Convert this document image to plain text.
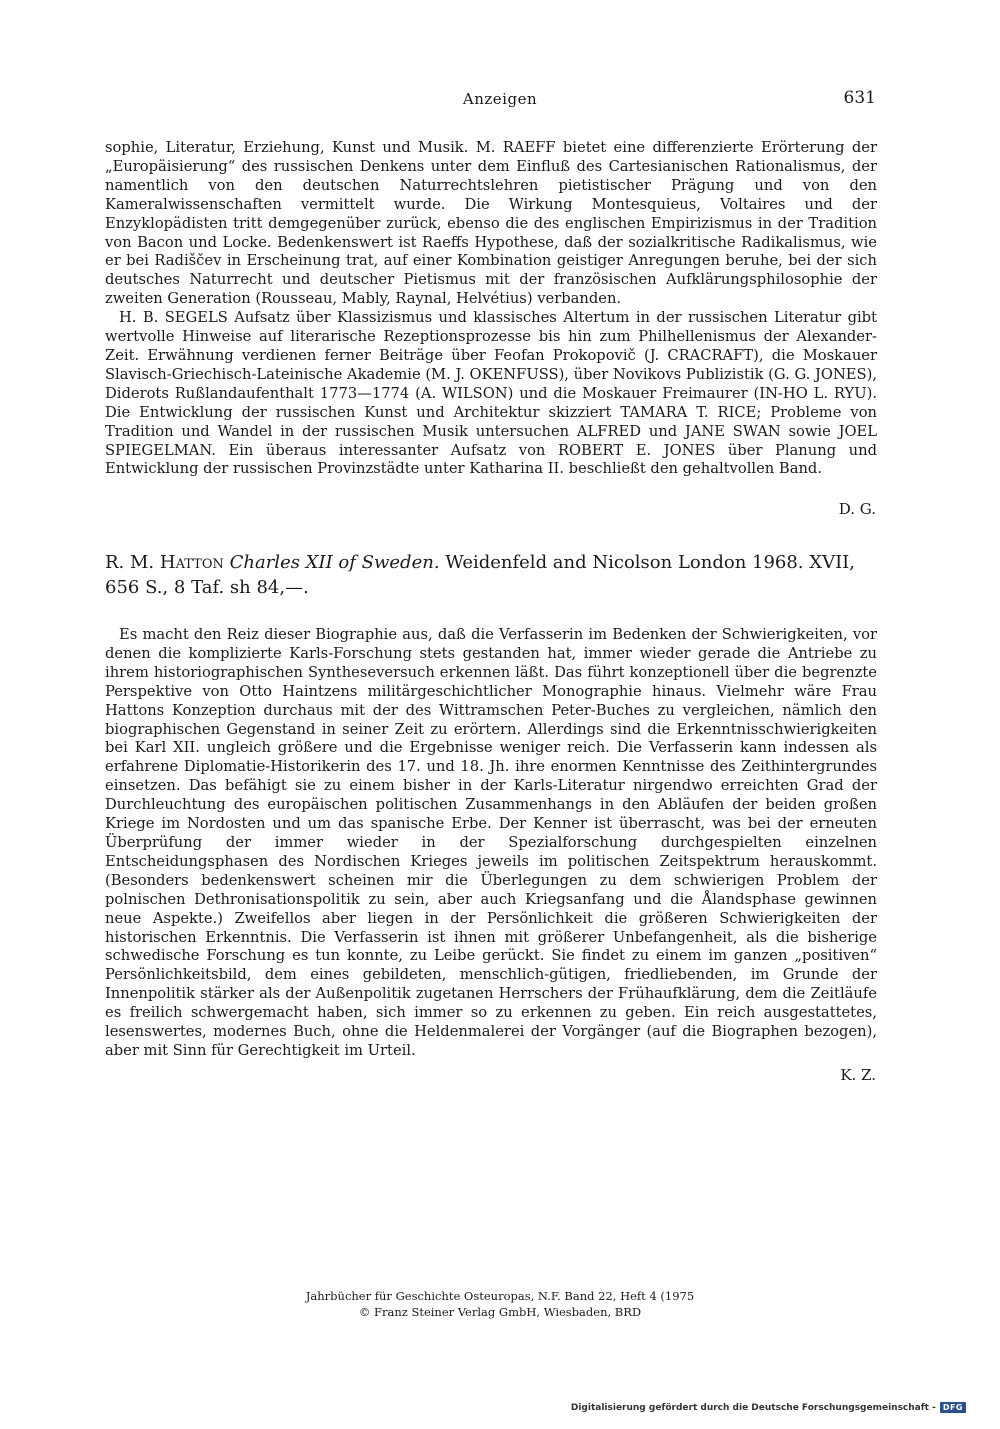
Anzeigen	631

sophie, Literatur, Erziehung, Kunst und Musik. M. RAEFF bietet eine differenzierte Erörterung der „Europäisierung“ des russischen Denkens unter dem Einfluß des Cartesianischen Rationalismus, der namentlich von den deutschen Naturrechtslehren pietistischer Prägung und von den Kameralwissenschaften vermittelt wurde. Die Wirkung Montesquieus, Voltaires und der Enzyklopädisten tritt demgegenüber zurück, ebenso die des englischen Empirizismus in der Tradition von Bacon und Locke. Bedenkenswert ist Raeffs Hypothese, daß der sozialkritische Radikalismus, wie er bei Radiščev in Erscheinung trat, auf einer Kombination geistiger Anregungen beruhe, bei der sich deutsches Naturrecht und deutscher Pietismus mit der französischen Aufklärungsphilosophie der zweiten Generation (Rousseau, Mably, Raynal, Helvétius) verbanden.

H. B. SEGELS Aufsatz über Klassizismus und klassisches Altertum in der russischen Literatur gibt wertvolle Hinweise auf literarische Rezeptionsprozesse bis hin zum Philhellenismus der Alexander-Zeit. Erwähnung verdienen ferner Beiträge über Feofan Prokopovič (J. CRACRAFT), die Moskauer Slavisch-Griechisch-Lateinische Akademie (M. J. OKENFUSS), über Novikovs Publizistik (G. G. JONES), Diderots Rußlandaufenthalt 1773—1774 (A. WILSON) und die Moskauer Freimaurer (IN-HO L. RYU). Die Entwicklung der russischen Kunst und Architektur skizziert TAMARA T. RICE; Probleme von Tradition und Wandel in der russischen Musik untersuchen ALFRED und JANE SWAN sowie JOEL SPIEGELMAN. Ein überaus interessanter Aufsatz von ROBERT E. JONES über Planung und Entwicklung der russischen Provinzstädte unter Katharina II. beschließt den gehaltvollen Band.

D. G.
R. M. Hatton Charles XII of Sweden. Weidenfeld and Nicolson London 1968. XVII, 656 S., 8 Taf. sh 84,—.

Es macht den Reiz dieser Biographie aus, daß die Verfasserin im Bedenken der Schwierigkeiten, vor denen die komplizierte Karls-Forschung stets gestanden hat, immer wieder gerade die Antriebe zu ihrem historiographischen Syntheseversuch erkennen läßt. Das führt konzeptionell über die begrenzte Perspektive von Otto Haintzens militärgeschichtlicher Monographie hinaus. Vielmehr wäre Frau Hattons Konzeption durchaus mit der des Wittramschen Peter-Buches zu vergleichen, nämlich den biographischen Gegenstand in seiner Zeit zu erörtern. Allerdings sind die Erkenntnisschwierigkeiten bei Karl XII. ungleich größere und die Ergebnisse weniger reich. Die Verfasserin kann indessen als erfahrene Diplomatie-Historikerin des 17. und 18. Jh. ihre enormen Kenntnisse des Zeithintergrundes einsetzen. Das befähigt sie zu einem bisher in der Karls-Literatur nirgendwo erreichten Grad der Durchleuchtung des europäischen politischen Zusammenhangs in den Abläufen der beiden großen Kriege im Nordosten und um das spanische Erbe. Der Kenner ist überrascht, was bei der erneuten Überprüfung der immer wieder in der Spezialforschung durchgespielten einzelnen Entscheidungsphasen des Nordischen Krieges jeweils im politischen Zeitspektrum herauskommt. (Besonders bedenkenswert scheinen mir die Überlegungen zu dem schwierigen Problem der polnischen Dethronisationspolitik zu sein, aber auch Kriegsanfang und die Ålandsphase gewinnen neue Aspekte.) Zweifellos aber liegen in der Persönlichkeit die größeren Schwierigkeiten der historischen Erkenntnis. Die Verfasserin ist ihnen mit größerer Unbefangenheit, als die bisherige schwedische Forschung es tun konnte, zu Leibe gerückt. Sie findet zu einem im ganzen „positiven“ Persönlichkeitsbild, dem eines gebildeten, menschlich-gütigen, friedliebenden, im Grunde der Innenpolitik stärker als der Außenpolitik zugetanen Herrschers der Frühaufklärung, dem die Zeitläufe es freilich schwergemacht haben, sich immer so zu erkennen zu geben. Ein reich ausgestattetes, lesenswertes, modernes Buch, ohne die Heldenmalerei der Vorgänger (auf die Biographen bezogen), aber mit Sinn für Gerechtigkeit im Urteil.

K. Z.
Jahrbücher für Geschichte Osteuropas, N.F. Band 22, Heft 4 (1975
© Franz Steiner Verlag GmbH, Wiesbaden, BRD
Digitalisierung gefördert durch die Deutsche Forschungsgemeinschaft - DFG
